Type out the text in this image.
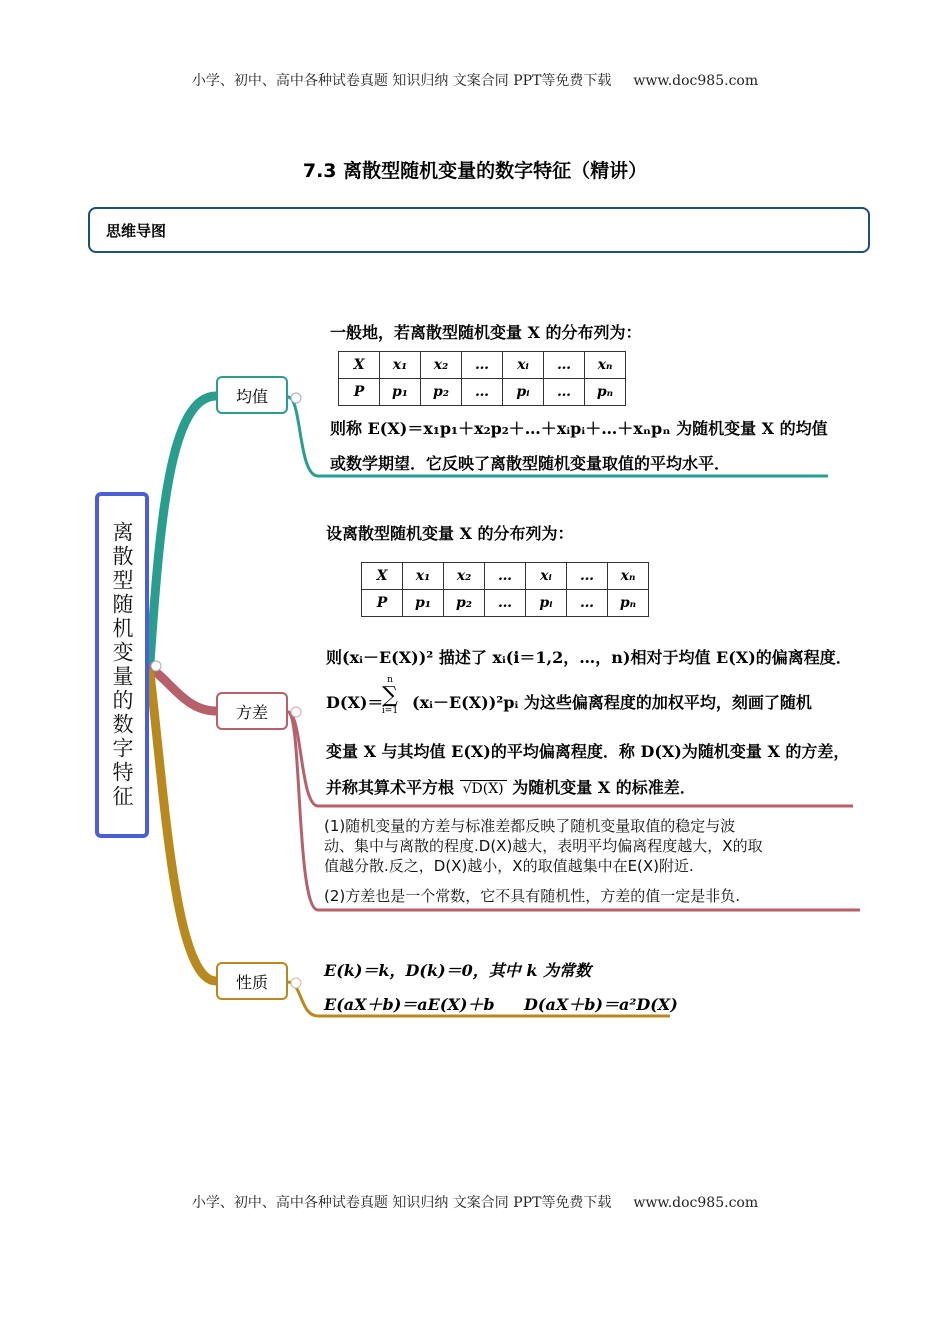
小学、初中、高中各种试卷真题 知识归纳 文案合同 PPT等免费下载 www.doc985.com
7.3 离散型随机变量的数字特征（精讲）
思维导图
离散型随机变量的数字特征
均值
方差
性质
一般地，若离散型随机变量 X 的分布列为：
X	x₁	x₂	…	xᵢ	…	xₙ
P	p₁	p₂	…	pᵢ	…	pₙ
则称 E(X)＝x₁p₁＋x₂p₂＋…＋xᵢpᵢ＋…＋xₙpₙ 为随机变量 X 的均值
或数学期望．它反映了离散型随机变量取值的平均水平．
设离散型随机变量 X 的分布列为：
X	x₁	x₂	…	xᵢ	…	xₙ
P	p₁	p₂	…	pᵢ	…	pₙ
则(xᵢ－E(X))² 描述了 xᵢ(i＝1,2，…，n)相对于均值 E(X)的偏离程度．
D(X)＝
n
∑
i=1 (xᵢ－E(X))²pᵢ 为这些偏离程度的加权平均，刻画了随机
变量 X 与其均值 E(X)的平均偏离程度．称 D(X)为随机变量 X 的方差，
并称其算术平方根 √D(X) 为随机变量 X 的标准差．
(1)随机变量的方差与标准差都反映了随机变量取值的稳定与波
动、集中与离散的程度.D(X)越大，表明平均偏离程度越大，X的取
值越分散.反之，D(X)越小，X的取值越集中在E(X)附近.
(2)方差也是一个常数，它不具有随机性，方差的值一定是非负.
E(k)＝k，D(k)＝0，其中 k 为常数
E(aX＋b)＝aE(X)＋b D(aX＋b)＝a²D(X)
小学、初中、高中各种试卷真题 知识归纳 文案合同 PPT等免费下载 www.doc985.com
